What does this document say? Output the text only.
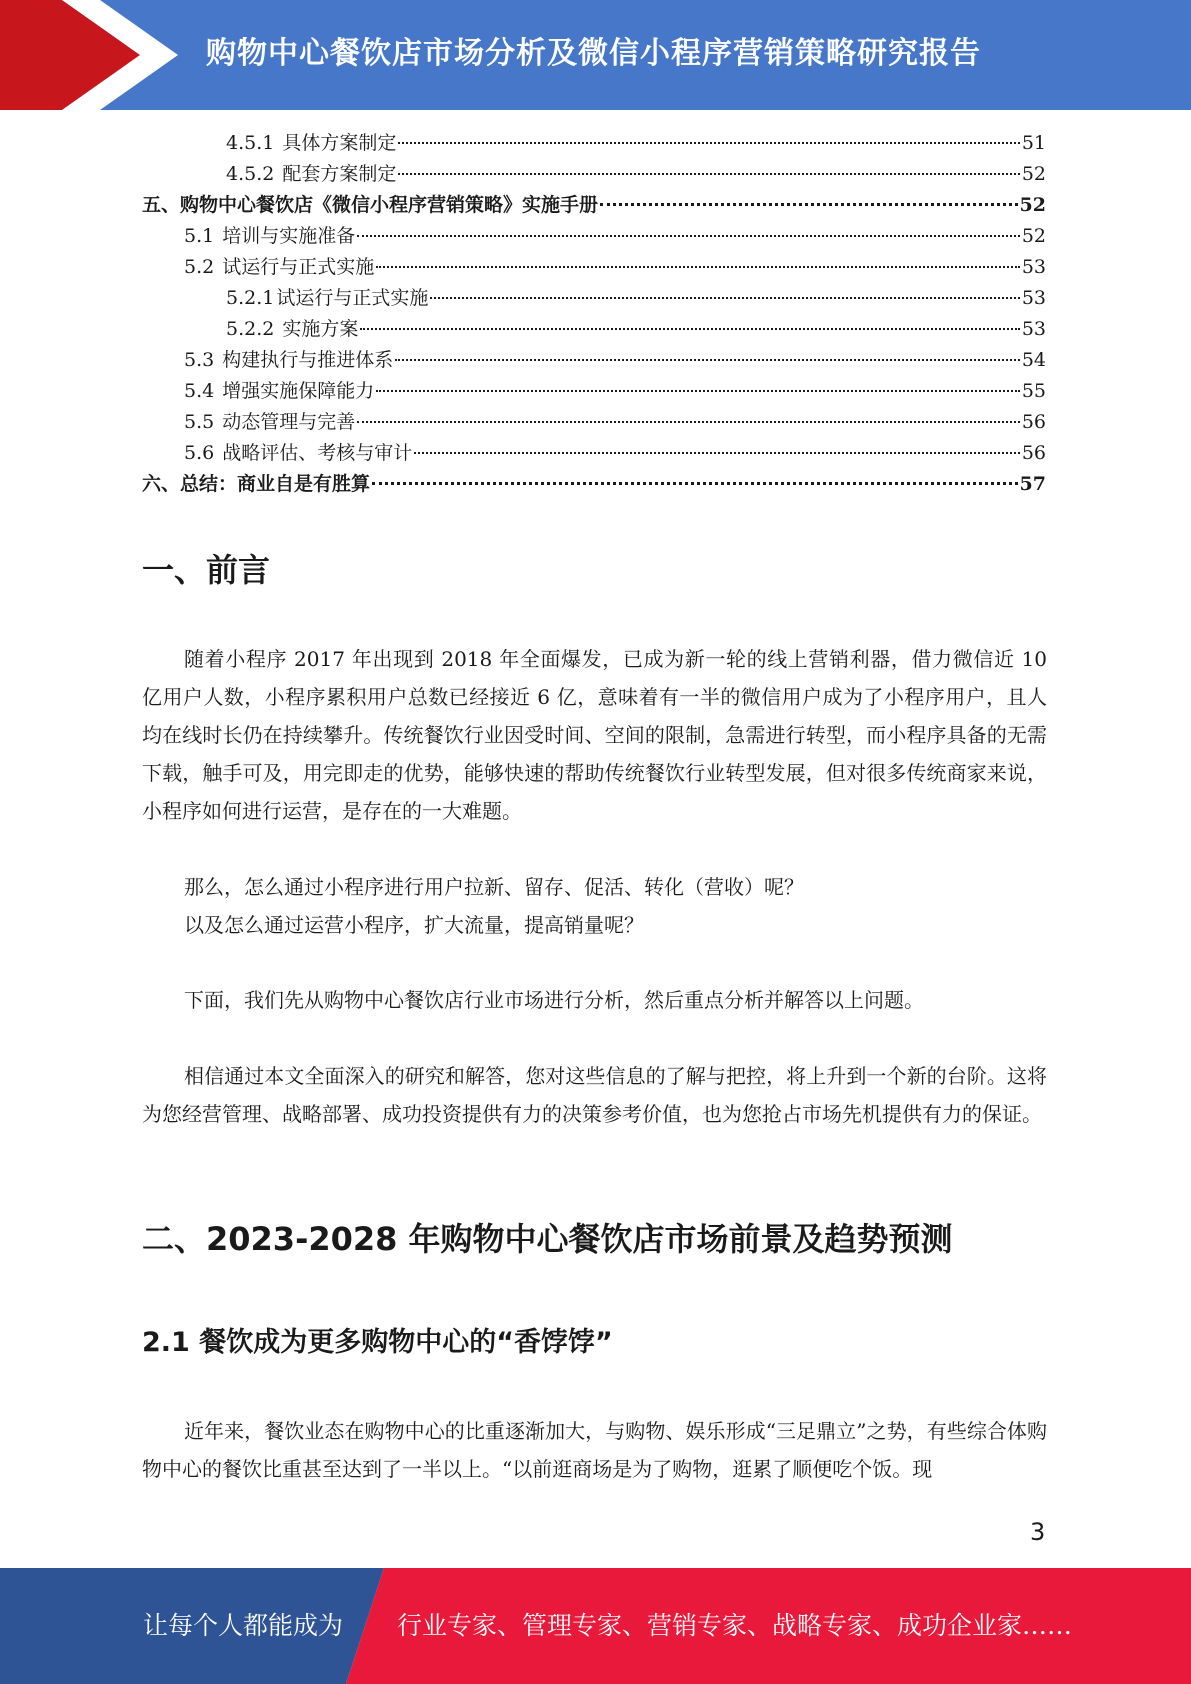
购物中心餐饮店市场分析及微信小程序营销策略研究报告
4.5.1 具体方案制定	51
4.5.2 配套方案制定	52
五、购物中心餐饮店《微信小程序营销策略》实施手册	52
5.1 培训与实施准备	52
5.2 试运行与正式实施	53
5.2.1 试运行与正式实施	53
5.2.2 实施方案	53
5.3 构建执行与推进体系	54
5.4 增强实施保障能力	55
5.5 动态管理与完善	56
5.6 战略评估、考核与审计	56
六、总结：商业自是有胜算	57
一、前言

随着小程序 2017 年出现到 2018 年全面爆发，已成为新一轮的线上营销利器，借力微信近 10 亿用户人数，小程序累积用户总数已经接近 6 亿，意味着有一半的微信用户成为了小程序用户，且人均在线时长仍在持续攀升。传统餐饮行业因受时间、空间的限制，急需进行转型，而小程序具备的无需下载，触手可及，用完即走的优势，能够快速的帮助传统餐饮行业转型发展，但对很多传统商家来说，小程序如何进行运营，是存在的一大难题。

那么，怎么通过小程序进行用户拉新、留存、促活、转化（营收）呢？

以及怎么通过运营小程序，扩大流量，提高销量呢？

下面，我们先从购物中心餐饮店行业市场进行分析，然后重点分析并解答以上问题。

相信通过本文全面深入的研究和解答，您对这些信息的了解与把控，将上升到一个新的台阶。这将为您经营管理、战略部署、成功投资提供有力的决策参考价值，也为您抢占市场先机提供有力的保证。

二、2023-2028 年购物中心餐饮店市场前景及趋势预测
2.1 餐饮成为更多购物中心的“香饽饽”

近年来，餐饮业态在购物中心的比重逐渐加大，与购物、娱乐形成“三足鼎立”之势，有些综合体购物中心的餐饮比重甚至达到了一半以上。“以前逛商场是为了购物，逛累了顺便吃个饭。现

3
让每个人都能成为 行业专家、管理专家、营销专家、战略专家、成功企业家……
